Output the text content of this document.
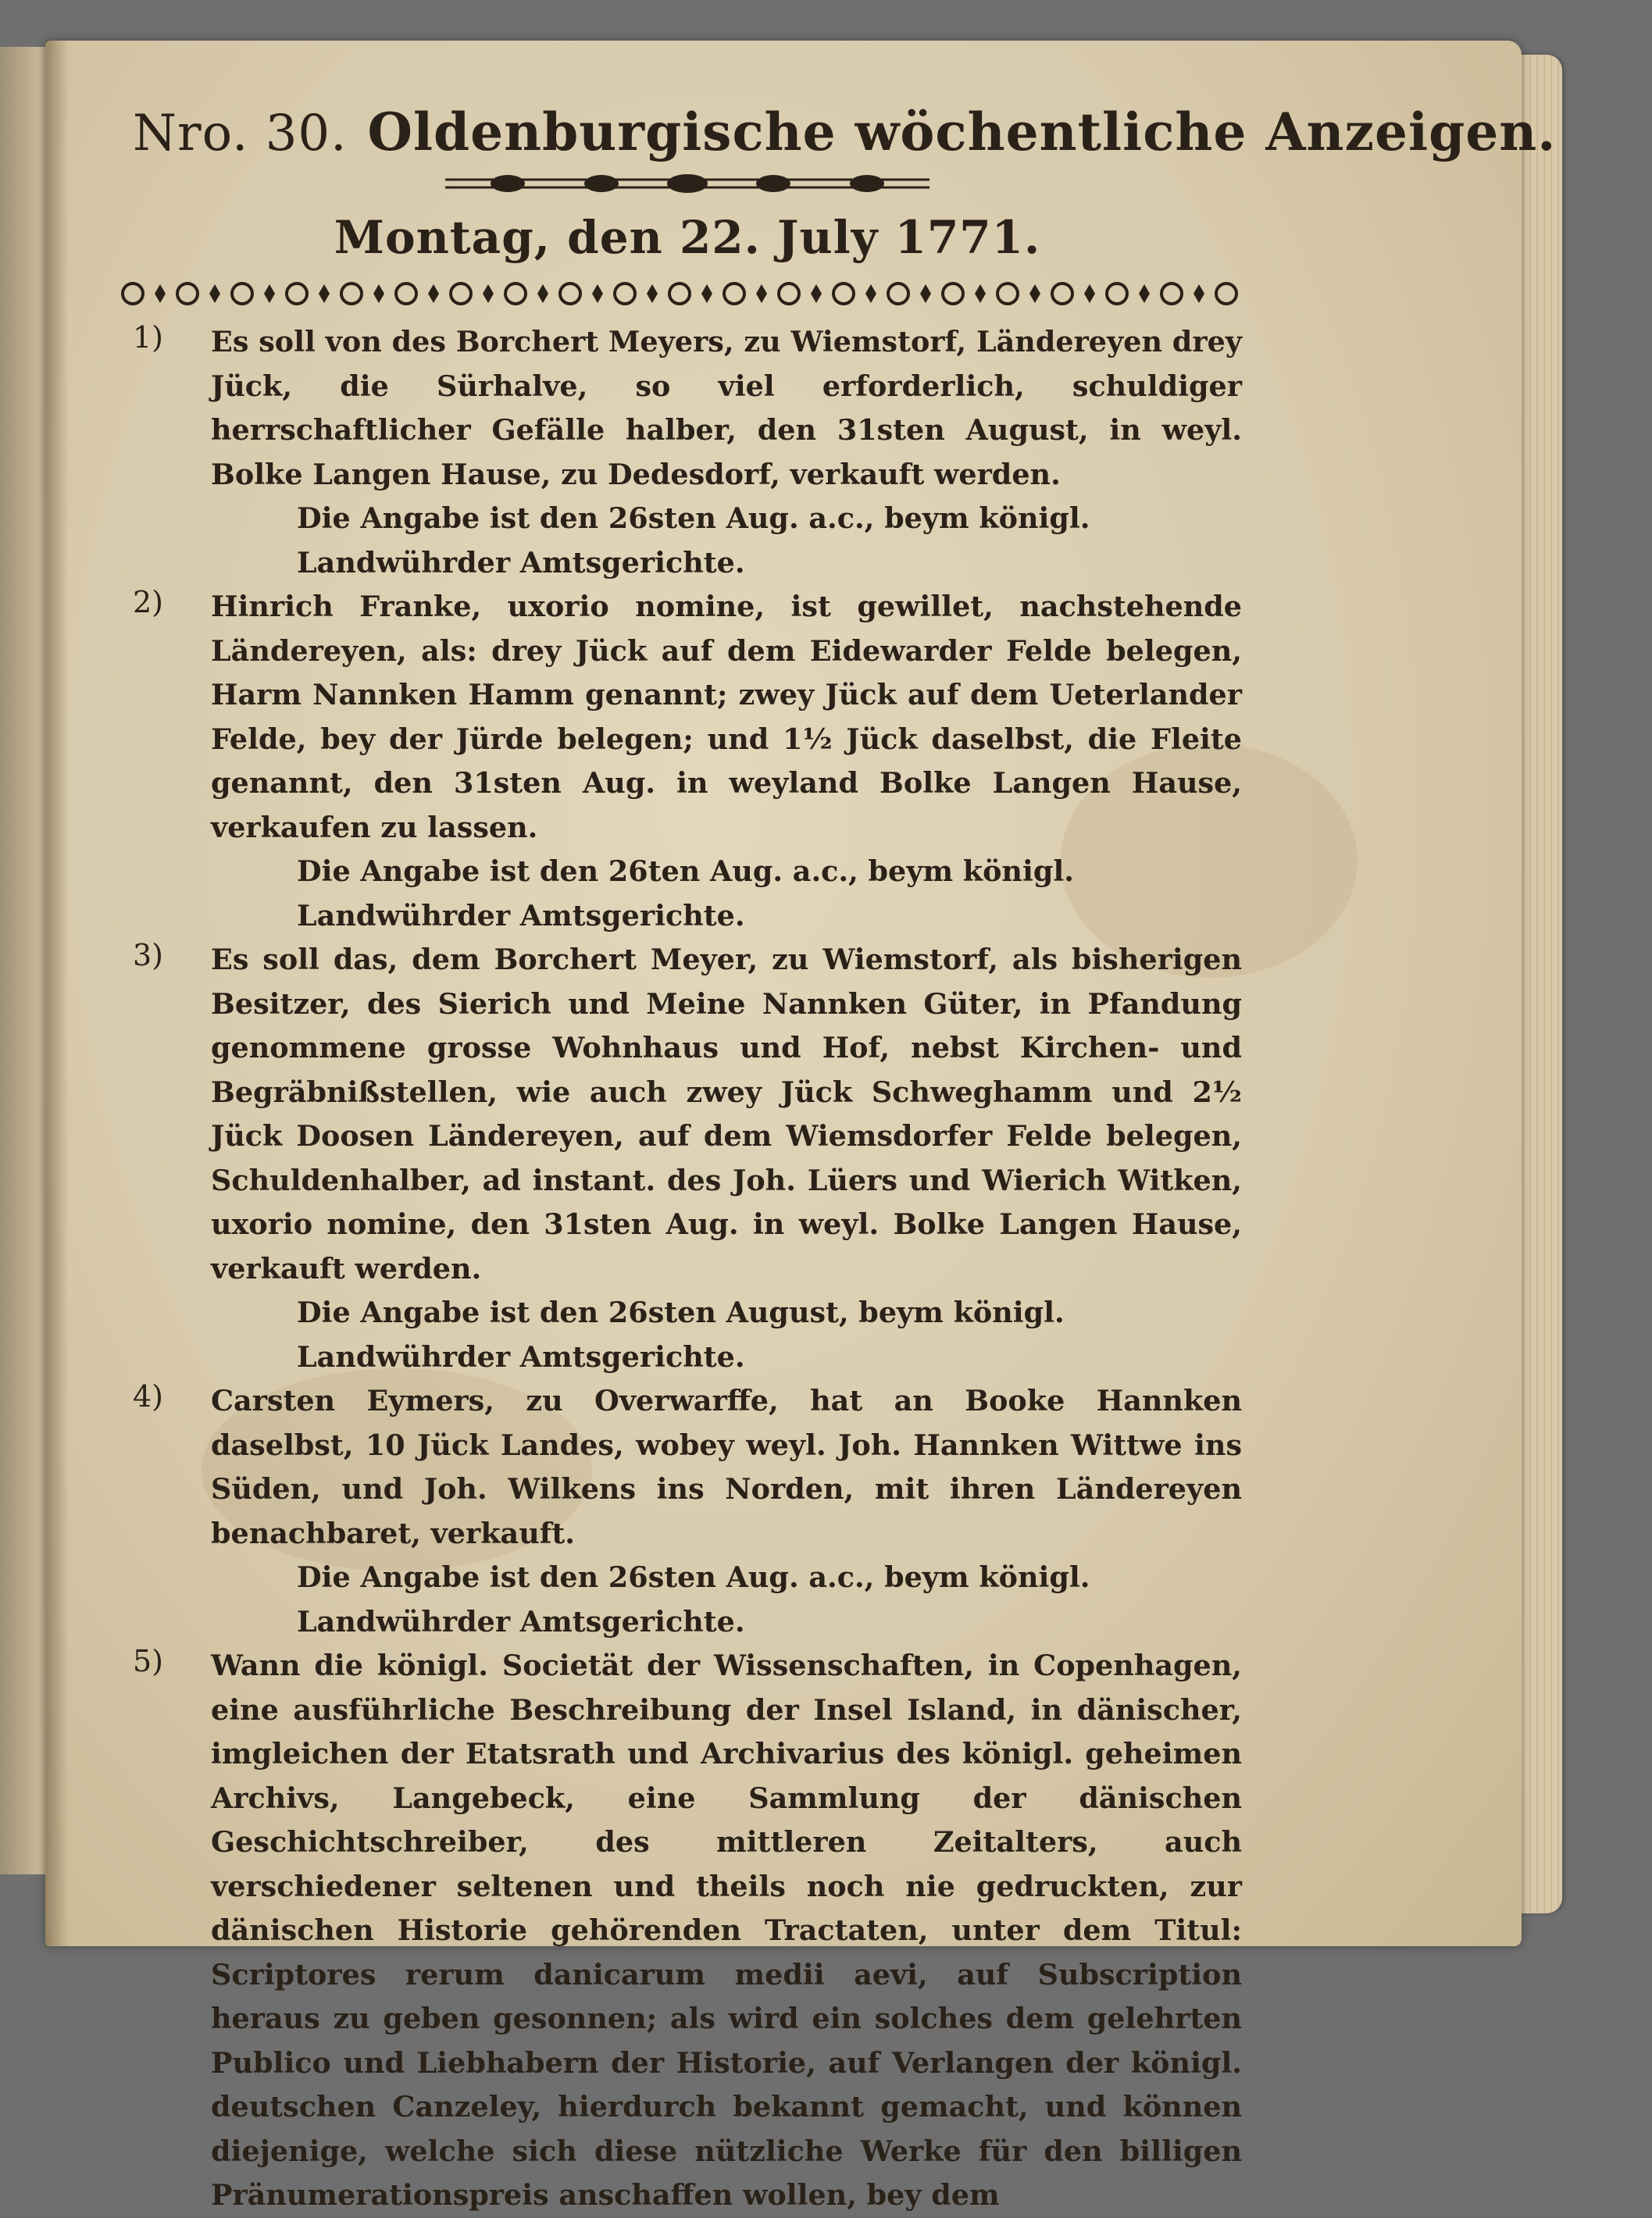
Nro. 30. Oldenburgische wöchentliche Anzeigen.
Montag, den 22. July 1771.
1)	Es soll von des Borchert Meyers, zu Wiemstorf, Ländereyen drey Jück, die Sürhalve, so viel erforderlich, schuldiger herrschaftlicher Gefälle halber, den 31sten August, in weyl. Bolke Langen Hause, zu Dedesdorf, verkauft werden.
Die Angabe ist den 26sten Aug. a.c., beym königl. Landwührder Amtsgerichte.
2)	Hinrich Franke, uxorio nomine, ist gewillet, nachstehende Ländereyen, als: drey Jück auf dem Eidewarder Felde belegen, Harm Nannken Hamm genannt; zwey Jück auf dem Ueterlander Felde, bey der Jürde belegen; und 1½ Jück daselbst, die Fleite genannt, den 31sten Aug. in weyland Bolke Langen Hause, verkaufen zu lassen.
Die Angabe ist den 26ten Aug. a.c., beym königl. Landwührder Amtsgerichte.
3)	Es soll das, dem Borchert Meyer, zu Wiemstorf, als bisherigen Besitzer, des Sierich und Meine Nannken Güter, in Pfandung genommene grosse Wohnhaus und Hof, nebst Kirchen- und Begräbnißstellen, wie auch zwey Jück Schweghamm und 2½ Jück Doosen Ländereyen, auf dem Wiemsdorfer Felde belegen, Schuldenhalber, ad instant. des Joh. Lüers und Wierich Witken, uxorio nomine, den 31sten Aug. in weyl. Bolke Langen Hause, verkauft werden.
Die Angabe ist den 26sten August, beym königl. Landwührder Amtsgerichte.
4)	Carsten Eymers, zu Overwarffe, hat an Booke Hannken daselbst, 10 Jück Landes, wobey weyl. Joh. Hannken Wittwe ins Süden, und Joh. Wilkens ins Norden, mit ihren Ländereyen benachbaret, verkauft.
Die Angabe ist den 26sten Aug. a.c., beym königl. Landwührder Amtsgerichte.
5)	Wann die königl. Societät der Wissenschaften, in Copenhagen, eine ausführliche Beschreibung der Insel Island, in dänischer, imgleichen der Etatsrath und Archivarius des königl. geheimen Archivs, Langebeck, eine Sammlung der dänischen Geschichtschreiber, des mittleren Zeitalters, auch verschiedener seltenen und theils noch nie gedruckten, zur dänischen Historie gehörenden Tractaten, unter dem Titul: Scriptores rerum danicarum medii aevi, auf Subscription heraus zu geben gesonnen; als wird ein solches dem gelehrten Publico und Liebhabern der Historie, auf Verlangen der königl. deutschen Canzeley, hierdurch bekannt gemacht, und können diejenige, welche sich diese nützliche Werke für den billigen Pränumerationspreis anschaffen wollen, bey dem
